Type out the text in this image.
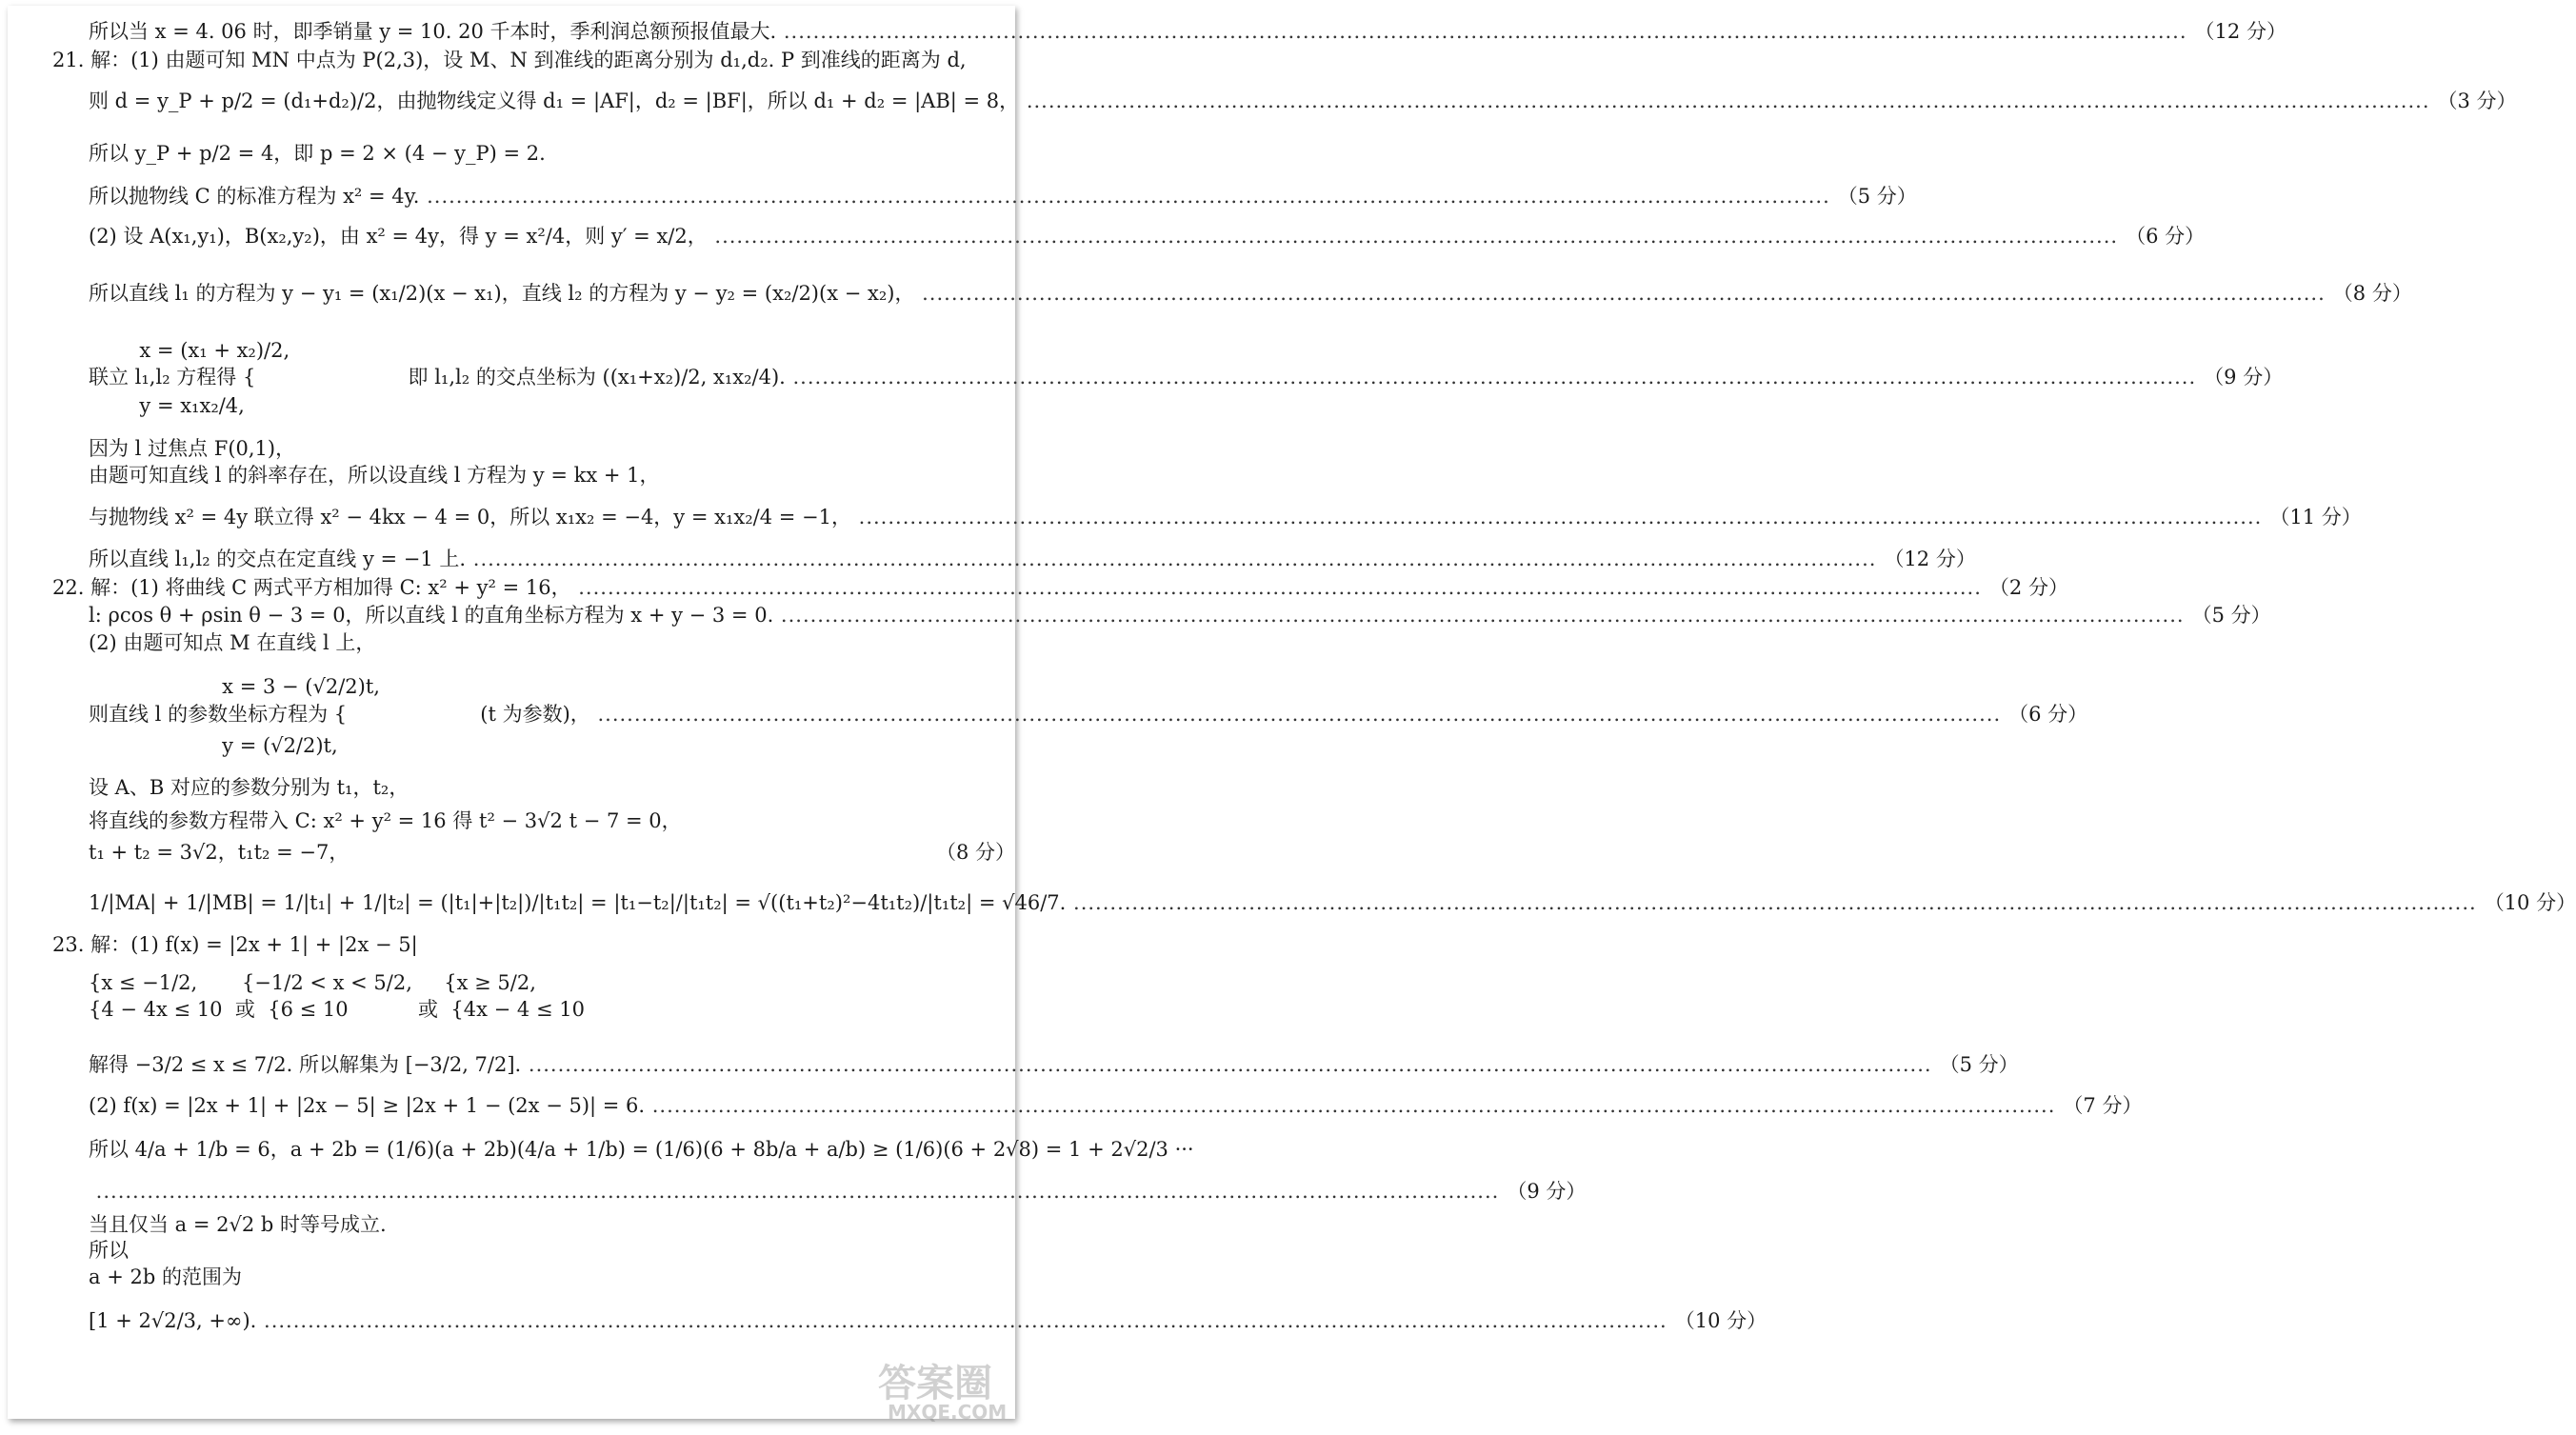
所以当 x = 4. 06 时，即季销量 y = 10. 20 千本时，季利润总额预报值最大. .....	（12 分）
21. 解：(1) 由题可知 MN 中点为 P(2,3)，设 M、N 到准线的距离分别为 d₁,d₂. P 到准线的距离为 d,
则 d = y_P + p/2 = (d₁+d₂)/2，由抛物线定义得 d₁ = |AF|，d₂ = |BF|，所以 d₁ + d₂ = |AB| = 8， .....	（3 分）
所以 y_P + p/2 = 4，即 p = 2 × (4 − y_P) = 2.
所以抛物线 C 的标准方程为 x² = 4y. .....	（5 分）
(2) 设 A(x₁,y₁)，B(x₂,y₂)，由 x² = 4y，得 y = x²/4，则 y′ = x/2， .....	（6 分）
所以直线 l₁ 的方程为 y − y₁ = (x₁/2)(x − x₁)，直线 l₂ 的方程为 y − y₂ = (x₂/2)(x − x₂)， .....	（8 分）
x = (x₁ + x₂)/2,
联立 l₁,l₂ 方程得 {                        即 l₁,l₂ 的交点坐标为 ((x₁+x₂)/2, x₁x₂/4). .....	（9 分）
y = x₁x₂/4,
因为 l 过焦点 F(0,1)，
由题可知直线 l 的斜率存在，所以设直线 l 方程为 y = kx + 1，
与抛物线 x² = 4y 联立得 x² − 4kx − 4 = 0，所以 x₁x₂ = −4，y = x₁x₂/4 = −1， .....	（11 分）
所以直线 l₁,l₂ 的交点在定直线 y = −1 上. .....	（12 分）
22. 解：(1) 将曲线 C 两式平方相加得 C: x² + y² = 16， .....	（2 分）
l: ρcos θ + ρsin θ − 3 = 0，所以直线 l 的直角坐标方程为 x + y − 3 = 0. .....	（5 分）
(2) 由题可知点 M 在直线 l 上，
x = 3 − (√2/2)t,
则直线 l 的参数坐标方程为 {                     (t 为参数)， .....	（6 分）
y = (√2/2)t,
设 A、B 对应的参数分别为 t₁，t₂，
将直线的参数方程带入 C: x² + y² = 16 得 t² − 3√2 t − 7 = 0，
t₁ + t₂ = 3√2，t₁t₂ = −7，	（8 分）
1/|MA| + 1/|MB| = 1/|t₁| + 1/|t₂| = (|t₁|+|t₂|)/|t₁t₂| = |t₁−t₂|/|t₁t₂| = √((t₁+t₂)²−4t₁t₂)/|t₁t₂| = √46/7. .....	（10 分）
23. 解：(1) f(x) = |2x + 1| + |2x − 5|
{x ≤ −1/2,       {−1/2 < x < 5/2,     {x ≥ 5/2,
{4 − 4x ≤ 10  或  {6 ≤ 10           或  {4x − 4 ≤ 10
解得 −3/2 ≤ x ≤ 7/2. 所以解集为 [−3/2, 7/2]. .....	（5 分）
(2) f(x) = |2x + 1| + |2x − 5| ≥ |2x + 1 − (2x − 5)| = 6. .....	（7 分）
所以 4/a + 1/b = 6，a + 2b = (1/6)(a + 2b)(4/a + 1/b) = (1/6)(6 + 8b/a + a/b) ≥ (1/6)(6 + 2√8) = 1 + 2√2/3 ···
.....
（9 分）
当且仅当 a = 2√2 b 时等号成立.
所以
a + 2b 的范围为
[1 + 2√2/3, +∞). .....	（10 分）
答案圈
MXQE.COM
